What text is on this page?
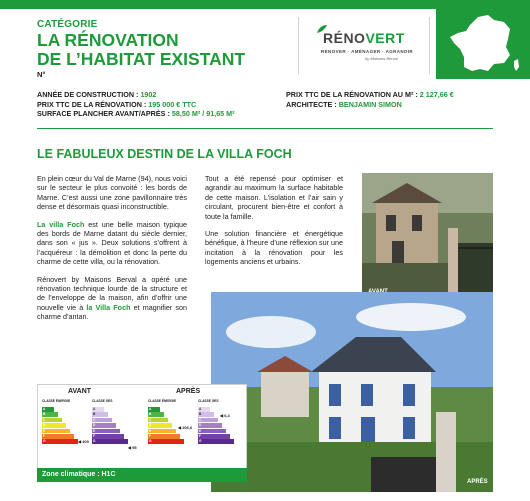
CATÉGORIE
LA RÉNOVATION
DE L’HABITAT EXISTANT
N°
RÉNOVERT
RÉNOVER · AMÉNAGER · AGRANDIR
by Maisons Berval
ANNÉE DE CONSTRUCTION : 1902
PRIX TTC DE LA RÉNOVATION : 195 000 € TTC
SURFACE PLANCHER AVANT/APRÈS : 58,50 M² / 91,65 M²
PRIX TTC DE LA RÉNOVATION AU M² : 2 127,66 €
ARCHITECTE : BENJAMIN SIMON
LE FABULEUX DESTIN DE LA VILLA FOCH

En plein cœur du Val de Marne (94), nous voici sur le secteur le plus convoité : les bords de Marne. C’est aussi une zone pavillonnaire très dense et désormais quasi inconstructible.

La villa Foch est une belle maison typique des bords de Marne datant du siècle dernier, dans son « jus ». Deux solutions s’offrent à l’acquéreur : la démolition et donc la perte du charme de cette villa, ou la rénovation.

Rénovert by Maisons Berval a opéré une rénovation technique lourde de la structure et de l’enveloppe de la maison, afin d’offrir une nouvelle vie à la Villa Foch et magnifier son charme d’antan.

Tout a été repensé pour optimiser et agrandir au maximum la surface habitable de cette maison. L’isolation et l’air sain y circulant, procurent bien-être et confort à toute la famille.

Une solution financière et énergétique bénéfique, à l’heure d’une réflexion sur une incitation à la rénovation pour les logements anciens et urbains.

APRÈS
AVANT	APRÈS
CLASSE ÉNERGIE	CLASSE GES	CLASSE ÉNERGIE	CLASSE GES
A
B
C
D
E
F
G	◀ 409
A
B
C
D
E
F
G
◀ 95
A
B
C
D
E
F
G
◀ 206,6
A
B
C
D
E
F
G
◀ 6,4
Zone climatique : H1C
